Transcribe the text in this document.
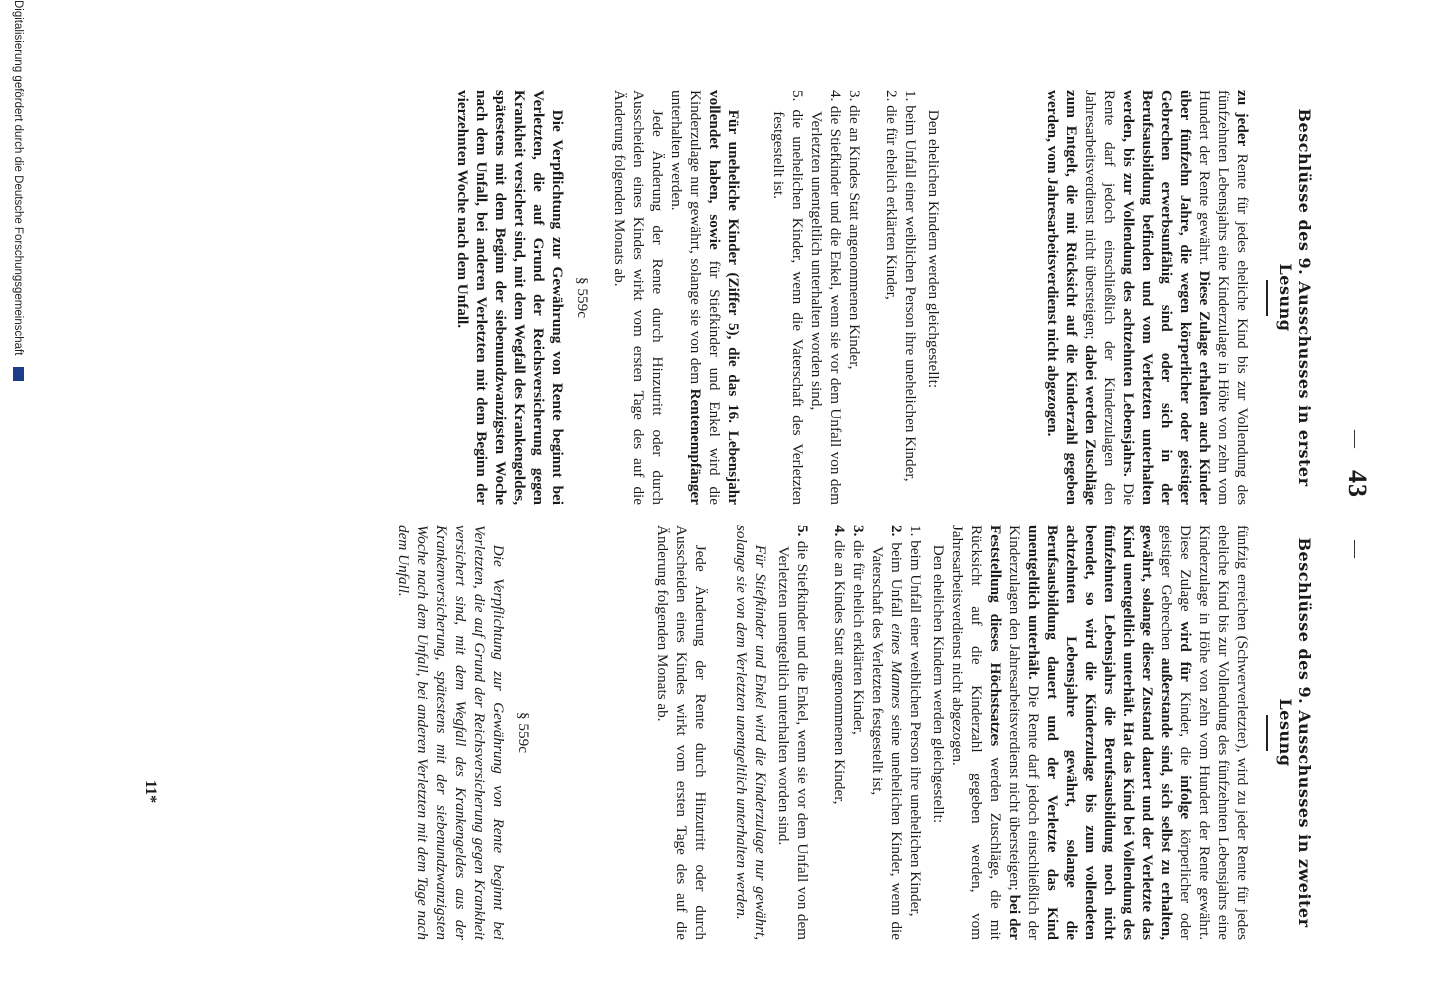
—
43
—
Beschlüsse des 9. Ausschusses in erster Lesung

zu jeder Rente für jedes eheliche Kind bis zur Vollendung des fünfzehnten Lebensjahrs eine Kinderzulage in Höhe von zehn vom Hundert der Rente gewährt. Diese Zulage erhalten auch Kinder über fünfzehn Jahre, die wegen körperlicher oder geistiger Gebrechen erwerbsunfähig sind oder sich in der Berufsausbildung befinden und vom Verletzten unterhalten werden, bis zur Vollendung des achtzehnten Lebensjahrs. Die Rente darf jedoch einschließlich der Kinderzulagen den Jahresarbeitsverdienst nicht übersteigen; dabei werden Zuschläge zum Entgelt, die mit Rücksicht auf die Kinderzahl gegeben werden, vom Jahresarbeitsverdienst nicht abgezogen.

Den ehelichen Kindern werden gleichgestellt:

1. beim Unfall einer weiblichen Person ihre unehelichen Kinder,
2. die für ehelich erklärten Kinder,
3. die an Kindes Statt angenommenen Kinder,
4. die Stiefkinder und die Enkel, wenn sie vor dem Unfall von dem Verletzten unentgeltlich unterhalten worden sind,
5. die unehelichen Kinder, wenn die Vaterschaft des Verletzten festgestellt ist.

Für uneheliche Kinder (Ziffer 5), die das 16. Lebensjahr vollendet haben, sowie für Stiefkinder und Enkel wird die Kinderzulage nur gewährt, solange sie von dem Rentenempfänger unterhalten werden.

Jede Änderung der Rente durch Hinzutritt oder durch Ausscheiden eines Kindes wirkt vom ersten Tage des auf die Änderung folgenden Monats ab.

§ 559c

Die Verpflichtung zur Gewährung von Rente beginnt bei Verletzten, die auf Grund der Reichsversicherung gegen Krankheit versichert sind, mit dem Wegfall des Krankengeldes, spätestens mit dem Beginn der siebenundzwanzigsten Woche nach dem Unfall, bei anderen Verletzten mit dem Beginn der vierzehnten Woche nach dem Unfall.

Beschlüsse des 9. Ausschusses in zweiter Lesung

fünfzig erreichen (Schwerverletzter), wird zu jeder Rente für jedes eheliche Kind bis zur Vollendung des fünfzehnten Lebensjahrs eine Kinderzulage in Höhe von zehn vom Hundert der Rente gewährt. Diese Zulage wird für Kinder, die infolge körperlicher oder geistiger Gebrechen außerstande sind, sich selbst zu erhalten, gewährt, solange dieser Zustand dauert und der Verletzte das Kind unentgeltlich unterhält. Hat das Kind bei Vollendung des fünfzehnten Lebensjahrs die Berufsausbildung noch nicht beendet, so wird die Kinderzulage bis zum vollendeten achtzehnten Lebensjahre gewährt, solange die Berufsausbildung dauert und der Verletzte das Kind unentgeltlich unterhält. Die Rente darf jedoch einschließlich der Kinderzulagen den Jahresarbeitsverdienst nicht übersteigen; bei der Feststellung dieses Höchstsatzes werden Zuschläge, die mit Rücksicht auf die Kinderzahl gegeben werden, vom Jahresarbeitsverdienst nicht abgezogen.

Den ehelichen Kindern werden gleichgestellt:

1. beim Unfall einer weiblichen Person ihre unehelichen Kinder,
2. beim Unfall eines Mannes seine unehelichen Kinder, wenn die Vaterschaft des Verletzten festgestellt ist,
3. die für ehelich erklärten Kinder,
4. die an Kindes Statt angenommenen Kinder,
5. die Stiefkinder und die Enkel, wenn sie vor dem Unfall von dem Verletzten unentgeltlich unterhalten worden sind.

Für Stiefkinder und Enkel wird die Kinderzulage nur gewährt, solange sie von dem Verletzten unentgeltlich unterhalten werden.

Jede Änderung der Rente durch Hinzutritt oder durch Ausscheiden eines Kindes wirkt vom ersten Tage des auf die Änderung folgenden Monats ab.

§ 559c

Die Verpflichtung zur Gewährung von Rente beginnt bei Verletzten, die auf Grund der Reichsversicherung gegen Krankheit versichert sind, mit dem Wegfall des Krankengeldes aus der Krankenversicherung, spätestens mit der siebenundzwanzigsten Woche nach dem Unfall, bei anderen Verletzten mit dem Tage nach dem Unfall.

11*
Digitalisierung gefördert durch die Deutsche Forschungsgemeinschaft
